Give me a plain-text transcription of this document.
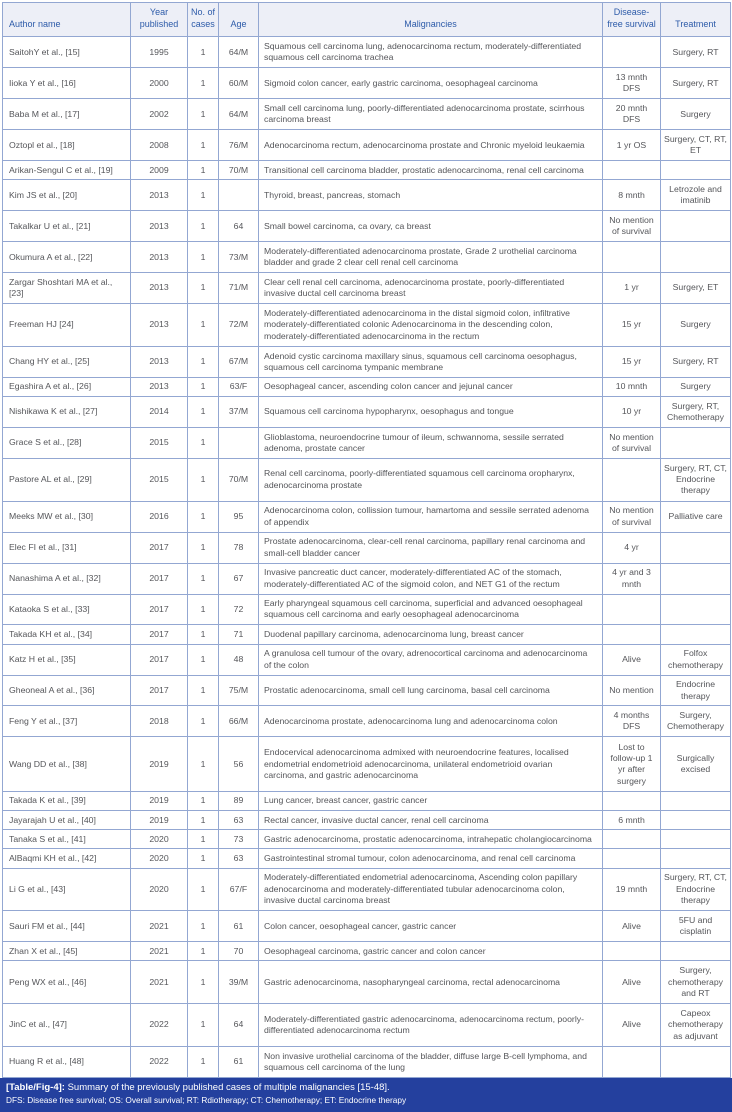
Author name	Year published	No. of cases	Age	Malignancies	Disease-free survival	Treatment
SaitohY et al., [15]	1995	1	64/M	Squamous cell carcinoma lung, adenocarcinoma rectum, moderately-differentiated squamous cell carcinoma trachea		Surgery, RT
Iioka Y et al., [16]	2000	1	60/M	Sigmoid colon cancer, early gastric carcinoma, oesophageal carcinoma	13 mnth DFS	Surgery, RT
Baba M et al., [17]	2002	1	64/M	Small cell carcinoma lung, poorly-differentiated adenocarcinoma prostate, scirrhous carcinoma breast	20 mnth DFS	Surgery
Oztopl et al., [18]	2008	1	76/M	Adenocarcinoma rectum, adenocarcinoma prostate and Chronic myeloid leukaemia	1 yr OS	Surgery, CT, RT, ET
Arikan-Sengul C et al., [19]	2009	1	70/M	Transitional cell carcinoma bladder, prostatic adenocarcinoma, renal cell carcinoma		
Kim JS et al., [20]	2013	1		Thyroid, breast, pancreas, stomach	8 mnth	Letrozole and imatinib
Takalkar U et al., [21]	2013	1	64	Small bowel carcinoma, ca ovary, ca breast	No mention of survival	
Okumura A et al., [22]	2013	1	73/M	Moderately-differentiated adenocarcinoma prostate, Grade 2 urothelial carcinoma bladder and grade 2 clear cell renal cell carcinoma		
Zargar Shoshtari MA et al., [23]	2013	1	71/M	Clear cell renal cell carcinoma, adenocarcinoma prostate, poorly-differentiated invasive ductal cell carcinoma breast	1 yr	Surgery, ET
Freeman HJ [24]	2013	1	72/M	Moderately-differentiated adenocarcinoma in the distal sigmoid colon, infiltrative moderately-differentiated colonic Adenocarcinoma in the descending colon, moderately-differentiated adenocarcinoma in the rectum	15 yr	Surgery
Chang HY et al., [25]	2013	1	67/M	Adenoid cystic carcinoma maxillary sinus, squamous cell carcinoma oesophagus, squamous cell carcinoma tympanic membrane	15 yr	Surgery, RT
Egashira A et al., [26]	2013	1	63/F	Oesophageal cancer, ascending colon cancer and jejunal cancer	10 mnth	Surgery
Nishikawa K et al., [27]	2014	1	37/M	Squamous cell carcinoma hypopharynx, oesophagus and tongue	10 yr	Surgery, RT, Chemotherapy
Grace S et al., [28]	2015	1		Glioblastoma, neuroendocrine tumour of ileum, schwannoma, sessile serrated adenoma, prostate cancer	No mention of survival	
Pastore AL et al., [29]	2015	1	70/M	Renal cell carcinoma, poorly-differentiated squamous cell carcinoma oropharynx, adenocarcinoma prostate		Surgery, RT, CT, Endocrine therapy
Meeks MW et al., [30]	2016	1	95	Adenocarcinoma colon, collission tumour, hamartoma and sessile serrated adenoma of appendix	No mention of survival	Palliative care
Elec FI et al., [31]	2017	1	78	Prostate adenocarcinoma, clear-cell renal carcinoma, papillary renal carcinoma and small-cell bladder cancer	4 yr	
Nanashima A et al., [32]	2017	1	67	Invasive pancreatic duct cancer, moderately-differentiated AC of the stomach, moderately-differentiated AC of the sigmoid colon, and NET G1 of the rectum	4 yr and 3 mnth	
Kataoka S et al., [33]	2017	1	72	Early pharyngeal squamous cell carcinoma, superficial and advanced oesophageal squamous cell carcinoma and early oesophageal adenocarcinoma		
Takada KH et al., [34]	2017	1	71	Duodenal papillary carcinoma, adenocarcinoma lung, breast cancer		
Katz H et al., [35]	2017	1	48	A granulosa cell tumour of the ovary, adrenocortical carcinoma and adenocarcinoma of the colon	Alive	Folfox chemotherapy
Gheoneal A et al., [36]	2017	1	75/M	Prostatic adenocarcinoma, small cell lung carcinoma, basal cell carcinoma	No mention	Endocrine therapy
Feng Y et al., [37]	2018	1	66/M	Adenocarcinoma prostate, adenocarcinoma lung and adenocarcinoma colon	4 months DFS	Surgery, Chemotherapy
Wang DD et al., [38]	2019	1	56	Endocervical adenocarcinoma admixed with neuroendocrine features, localised endometrial endometrioid adenocarcinoma, unilateral endometrioid ovarian carcinoma, and gastric adenocarcinoma	Lost to follow-up 1 yr after surgery	Surgically excised
Takada K et al., [39]	2019	1	89	Lung cancer, breast cancer, gastric cancer		
Jayarajah U et al., [40]	2019	1	63	Rectal cancer, invasive ductal cancer, renal cell carcinoma	6 mnth	
Tanaka S et al., [41]	2020	1	73	Gastric adenocarcinoma, prostatic adenocarcinoma, intrahepatic cholangiocarcinoma		
AlBaqmi KH et al., [42]	2020	1	63	Gastrointestinal stromal tumour, colon adenocarcinoma, and renal cell carcinoma		
Li G et al., [43]	2020	1	67/F	Moderately-differentiated endometrial adenocarcinoma, Ascending colon papillary adenocarcinoma and moderately-differentiated tubular adenocarcinoma colon, invasive ductal carcinoma breast	19 mnth	Surgery, RT, CT, Endocrine therapy
Sauri FM et al., [44]	2021	1	61	Colon cancer, oesophageal cancer, gastric cancer	Alive	5FU and cisplatin
Zhan X et al., [45]	2021	1	70	Oesophageal carcinoma, gastric cancer and colon cancer		
Peng WX et al., [46]	2021	1	39/M	Gastric adenocarcinoma, nasopharyngeal carcinoma, rectal adenocarcinoma	Alive	Surgery, chemotherapy and RT
JinC et al., [47]	2022	1	64	Moderately-differentiated gastric adenocarcinoma, adenocarcinoma rectum, poorly-differentiated adenocarcinoma rectum	Alive	Capeox chemotherapy as adjuvant
Huang R et al., [48]	2022	1	61	Non invasive urothelial carcinoma of the bladder, diffuse large B-cell lymphoma, and squamous cell carcinoma of the lung		
[Table/Fig-4]: Summary of the previously published cases of multiple malignancies [15-48].
DFS: Disease free survival; OS: Overall survival; RT: Rdiotherapy; CT: Chemotherapy; ET: Endocrine therapy
